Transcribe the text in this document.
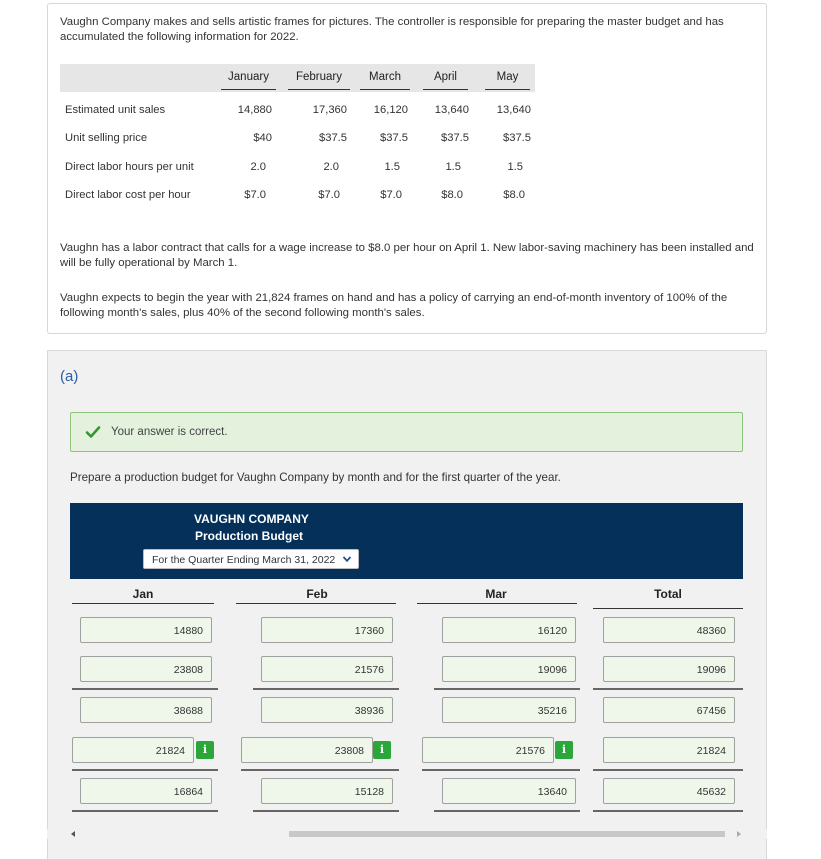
Vaughn Company makes and sells artistic frames for pictures. The controller is responsible for preparing the master budget and has accumulated the following information for 2022.
January	February	March	April	May
Estimated unit sales	14,880	17,360	16,120	13,640	13,640
Unit selling price	$40	$37.5	$37.5	$37.5	$37.5
Direct labor hours per unit	2.0	2.0	1.5	1.5	1.5
Direct labor cost per hour	$7.0	$7.0	$7.0	$8.0	$8.0
Vaughn has a labor contract that calls for a wage increase to $8.0 per hour on April 1. New labor-saving machinery has been installed and will be fully operational by March 1.
Vaughn expects to begin the year with 21,824 frames on hand and has a policy of carrying an end-of-month inventory of 100% of the following month's sales, plus 40% of the second following month's sales.
(a)
Your answer is correct.
Prepare a production budget for Vaughn Company by month and for the first quarter of the year.
VAUGHN COMPANY
Production Budget
For the Quarter Ending March 31, 2022
Jan	Feb	Mar	Total
14880	17360	16120	48360
23808	21576	19096	19096
38688	38936	35216	67456
21824	i	23808	i	21576	i	21824
16864	15128	13640	45632
